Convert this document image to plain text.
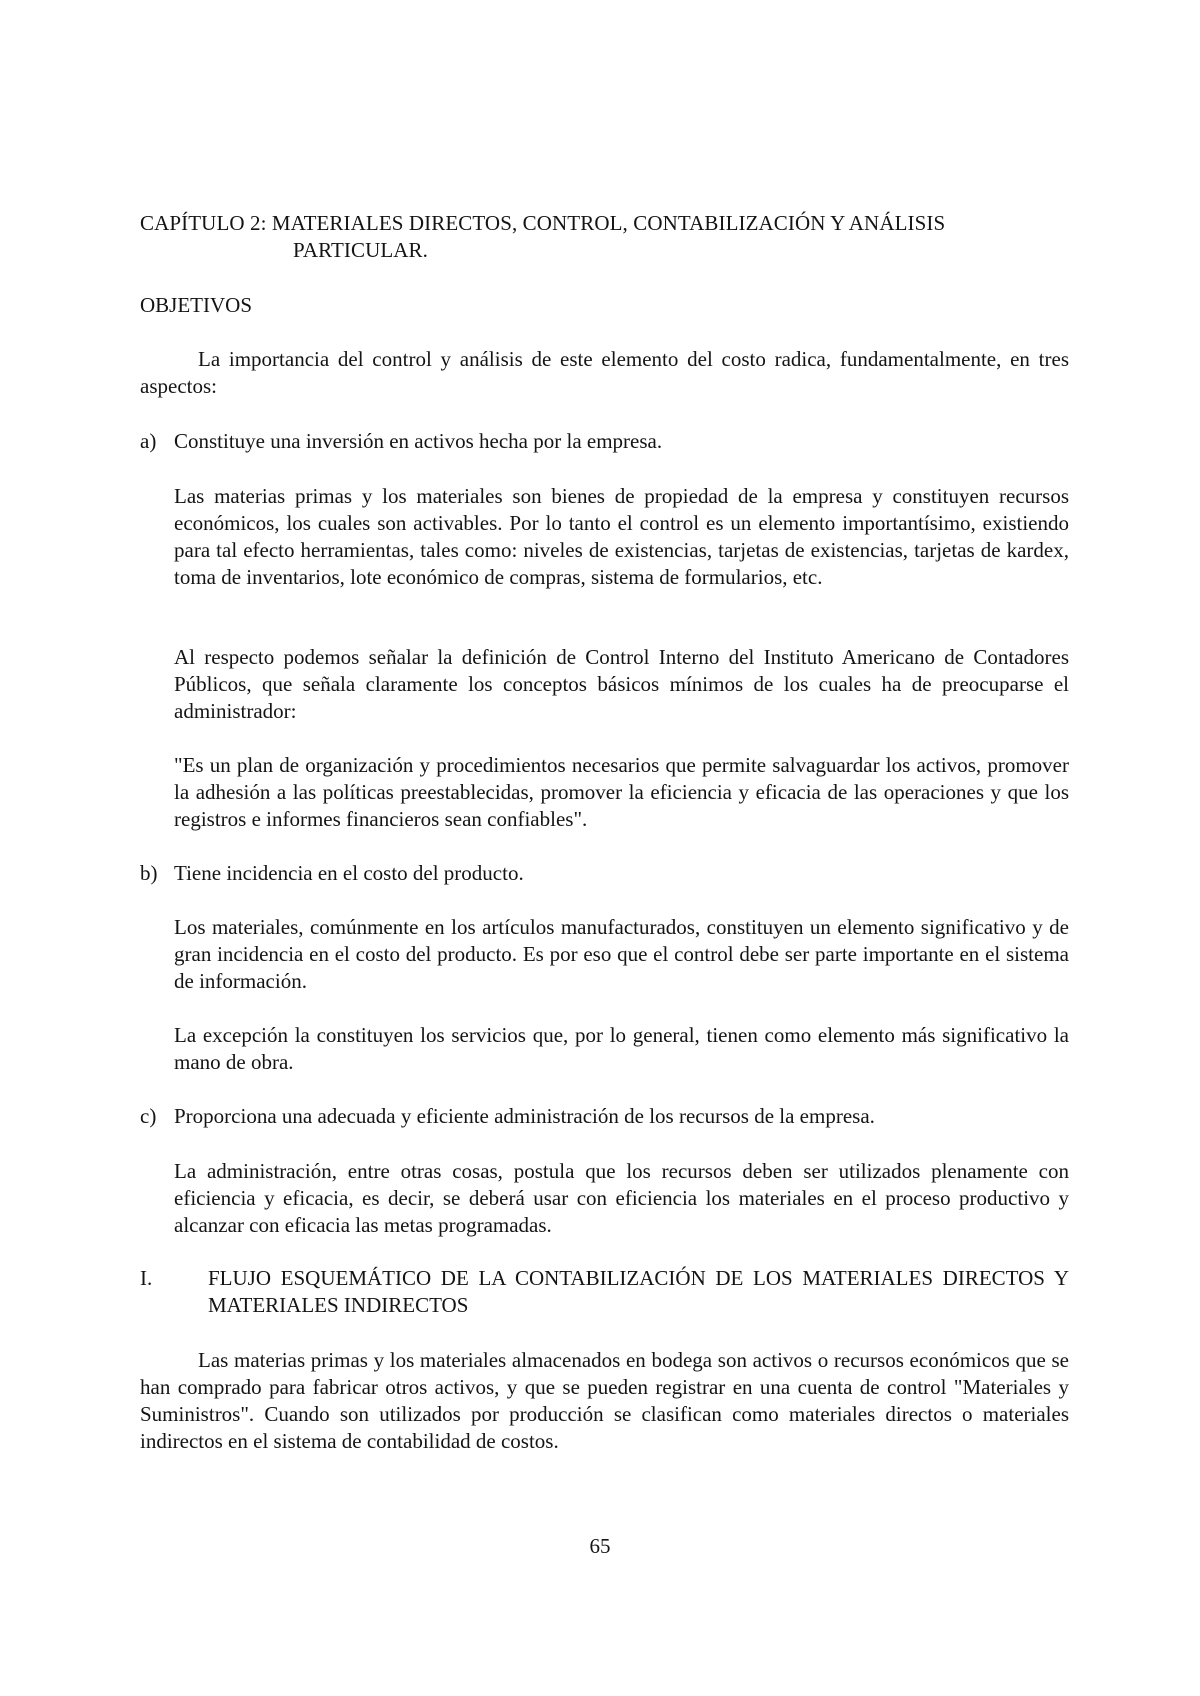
CAPÍTULO 2: MATERIALES DIRECTOS, CONTROL, CONTABILIZACIÓN Y ANÁLISIS
PARTICULAR.

OBJETIVOS

La importancia del control y análisis de este elemento del costo radica, fundamentalmente, en tres aspectos:

a) Constituye una inversión en activos hecha por la empresa.

Las materias primas y los materiales son bienes de propiedad de la empresa y constituyen recursos económicos, los cuales son activables. Por lo tanto el control es un elemento importantísimo, existiendo para tal efecto herramientas, tales como: niveles de existencias, tarjetas de existencias, tarjetas de kardex, toma de inventarios, lote económico de compras, sistema de formularios, etc.

Al respecto podemos señalar la definición de Control Interno del Instituto Americano de Contadores Públicos, que señala claramente los conceptos básicos mínimos de los cuales ha de preocuparse el administrador:

"Es un plan de organización y procedimientos necesarios que permite salvaguardar los activos, promover la adhesión a las políticas preestablecidas, promover la eficiencia y eficacia de las operaciones y que los registros e informes financieros sean confiables".

b) Tiene incidencia en el costo del producto.

Los materiales, comúnmente en los artículos manufacturados, constituyen un elemento significativo y de gran incidencia en el costo del producto. Es por eso que el control debe ser parte importante en el sistema de información.

La excepción la constituyen los servicios que, por lo general, tienen como elemento más significativo la mano de obra.

c) Proporciona una adecuada y eficiente administración de los recursos de la empresa.

La administración, entre otras cosas, postula que los recursos deben ser utilizados plenamente con eficiencia y eficacia, es decir, se deberá usar con eficiencia los materiales en el proceso productivo y alcanzar con eficacia las metas programadas.

I.	FLUJO ESQUEMÁTICO DE LA CONTABILIZACIÓN DE LOS MATERIALES DIRECTOS Y MATERIALES INDIRECTOS

Las materias primas y los materiales almacenados en bodega son activos o recursos económicos que se han comprado para fabricar otros activos, y que se pueden registrar en una cuenta de control "Materiales y Suministros". Cuando son utilizados por producción se clasifican como materiales directos o materiales indirectos en el sistema de contabilidad de costos.

65
